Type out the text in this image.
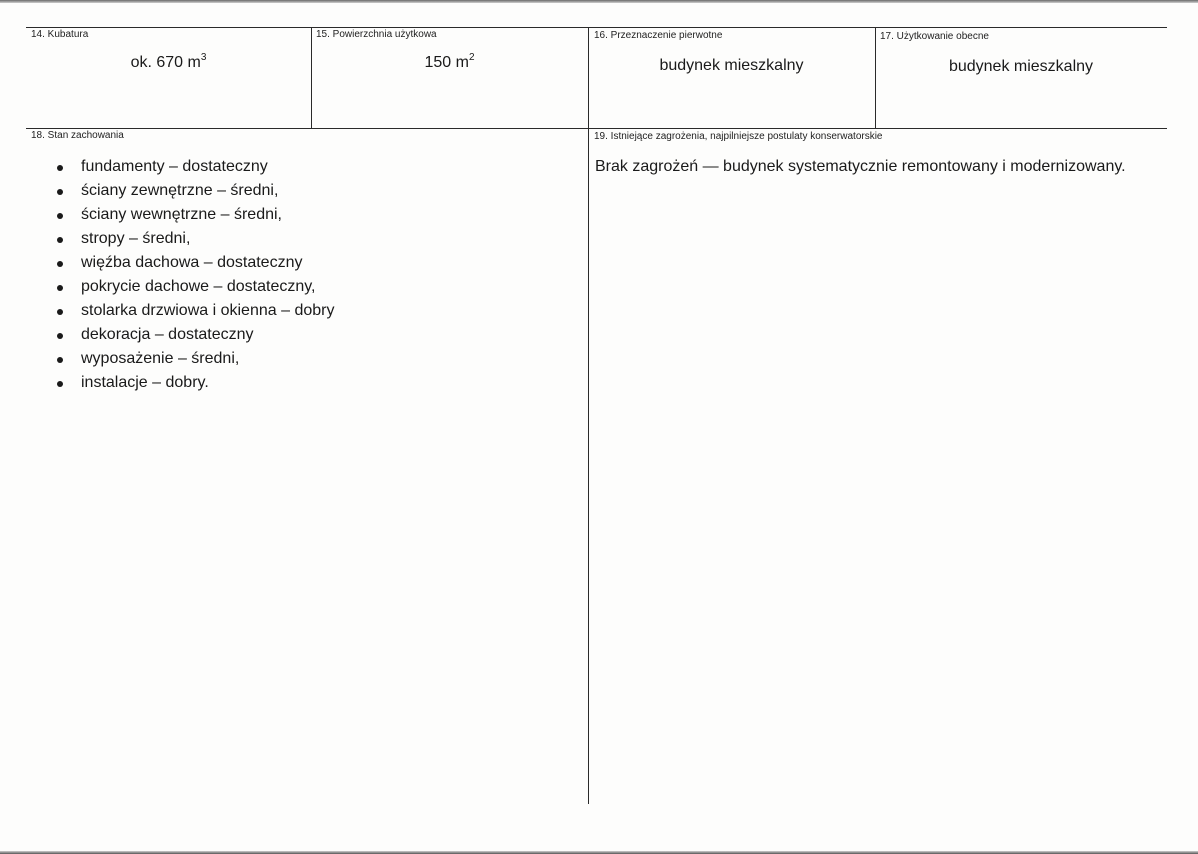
14. Kubatura
ok. 670 $m^3$
15. Powierzchnia użytkowa
150 $m^2$
16. Przeznaczenie pierwotne
budynek mieszkalny
17. Użytkowanie obecne
budynek mieszkalny
18. Stan zachowania
fundamenty – dostateczny
ściany zewnętrzne – średni,
ściany wewnętrzne – średni,
stropy – średni,
więźba dachowa – dostateczny
pokrycie dachowe – dostateczny,
stolarka drzwiowa i okienna – dobry
dekoracja – dostateczny
wyposażenie – średni,
instalacje – dobry.
19. Istniejące zagrożenia, najpilniejsze postulaty konserwatorskie
Brak zagrożeń — budynek systematycznie remontowany i modernizowany.
